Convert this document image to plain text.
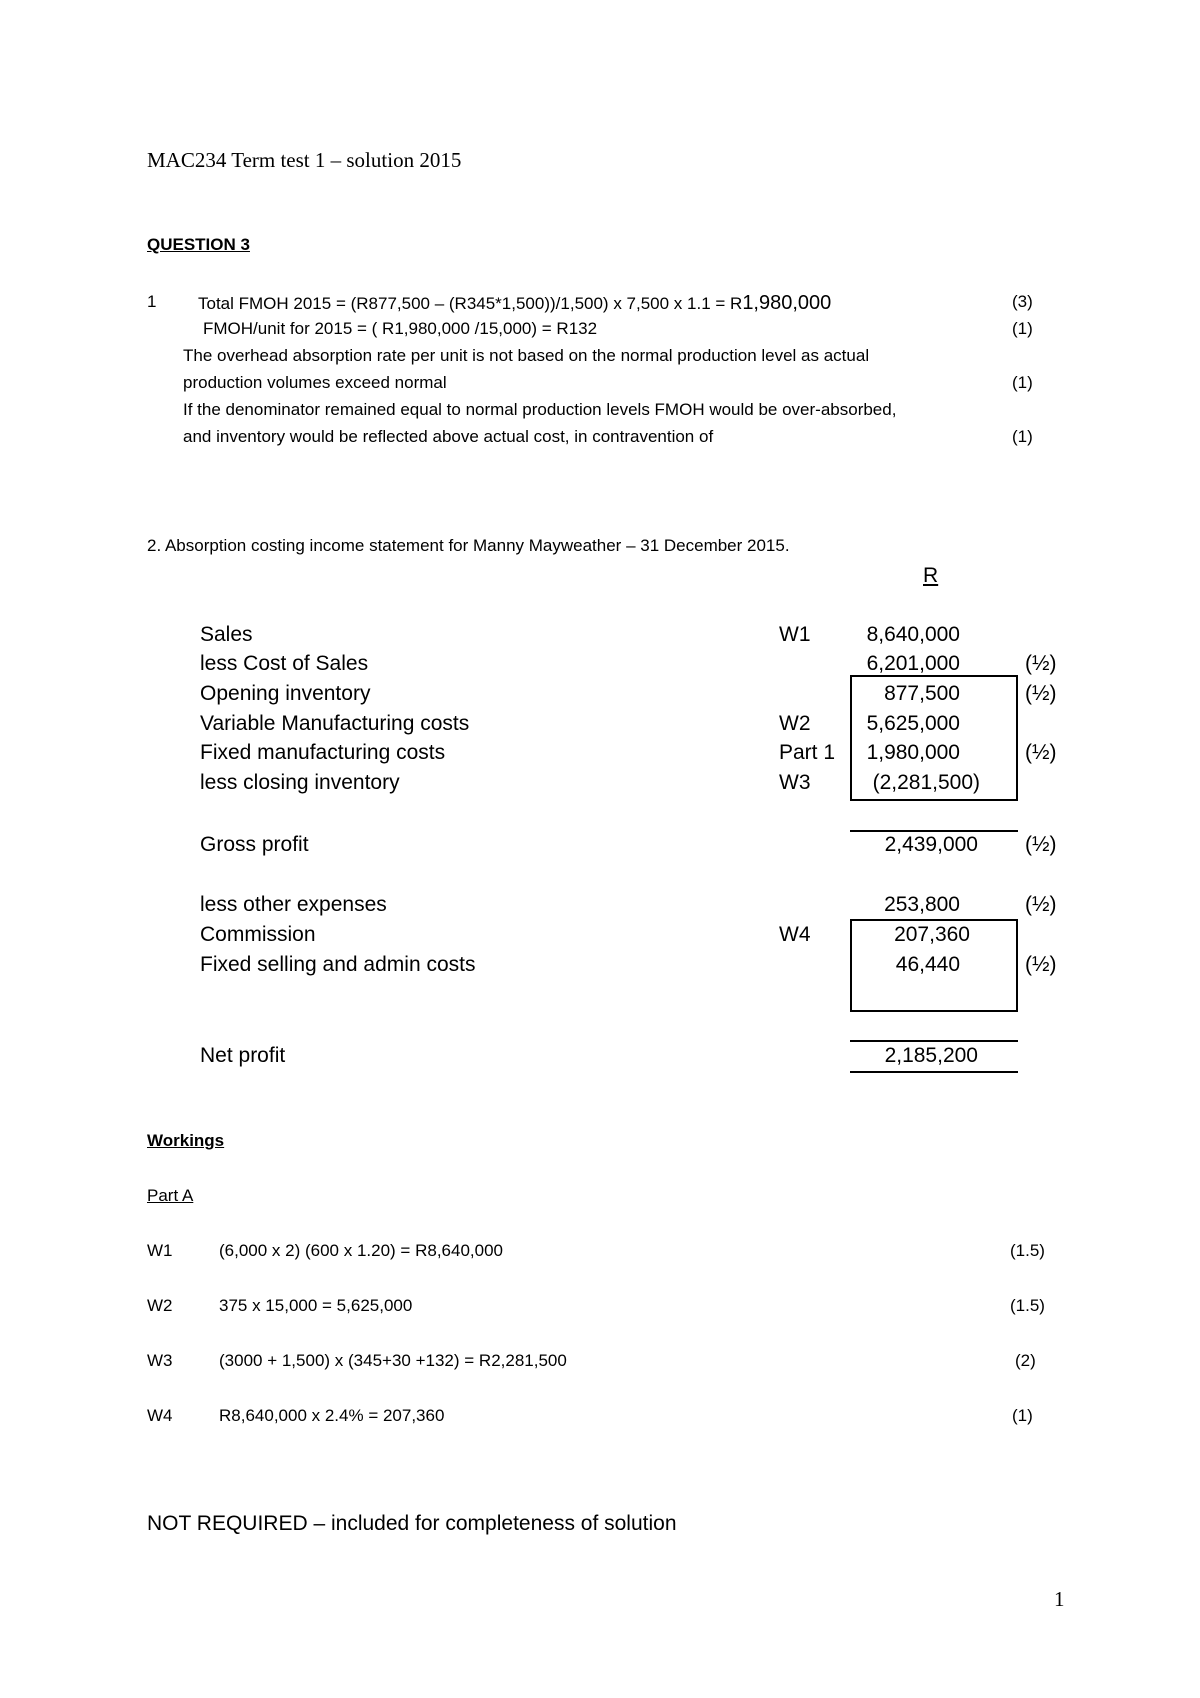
MAC234 Term test 1 – solution 2015
QUESTION 3
1 Total FMOH 2015 = (R877,500 – (R345*1,500))/1,500) x 7,500 x 1.1 = R1,980,000	(3)
FMOH/unit for 2015 = ( R1,980,000 /15,000) = R132	(1)
The overhead absorption rate per unit is not based on the normal production level as actual
production volumes exceed normal	(1)
If the denominator remained equal to normal production levels FMOH would be over-absorbed,
and inventory would be reflected above actual cost, in contravention of	(1)
2. Absorption costing income statement for Manny Mayweather – 31 December 2015.
R
Sales	W1	8,640,000
less Cost of Sales	6,201,000	(½)
Opening inventory	877,500	(½)
Variable Manufacturing costs	W2	5,625,000
Fixed manufacturing costs	Part 1	1,980,000	(½)
less closing inventory	W3	(2,281,500)
Gross profit	2,439,000 (½)
less other expenses	253,800	(½)
Commission	W4	207,360
Fixed selling and admin costs	46,440	(½)
Net profit	2,185,200
Workings
Part A
W1	(6,000 x 2) (600 x 1.20) = R8,640,000	(1.5)
W2	375 x 15,000 = 5,625,000	(1.5)
W3	(3000 + 1,500) x (345+30 +132) = R2,281,500	(2)
W4	R8,640,000 x 2.4% = 207,360	(1)
NOT REQUIRED – included for completeness of solution
1
